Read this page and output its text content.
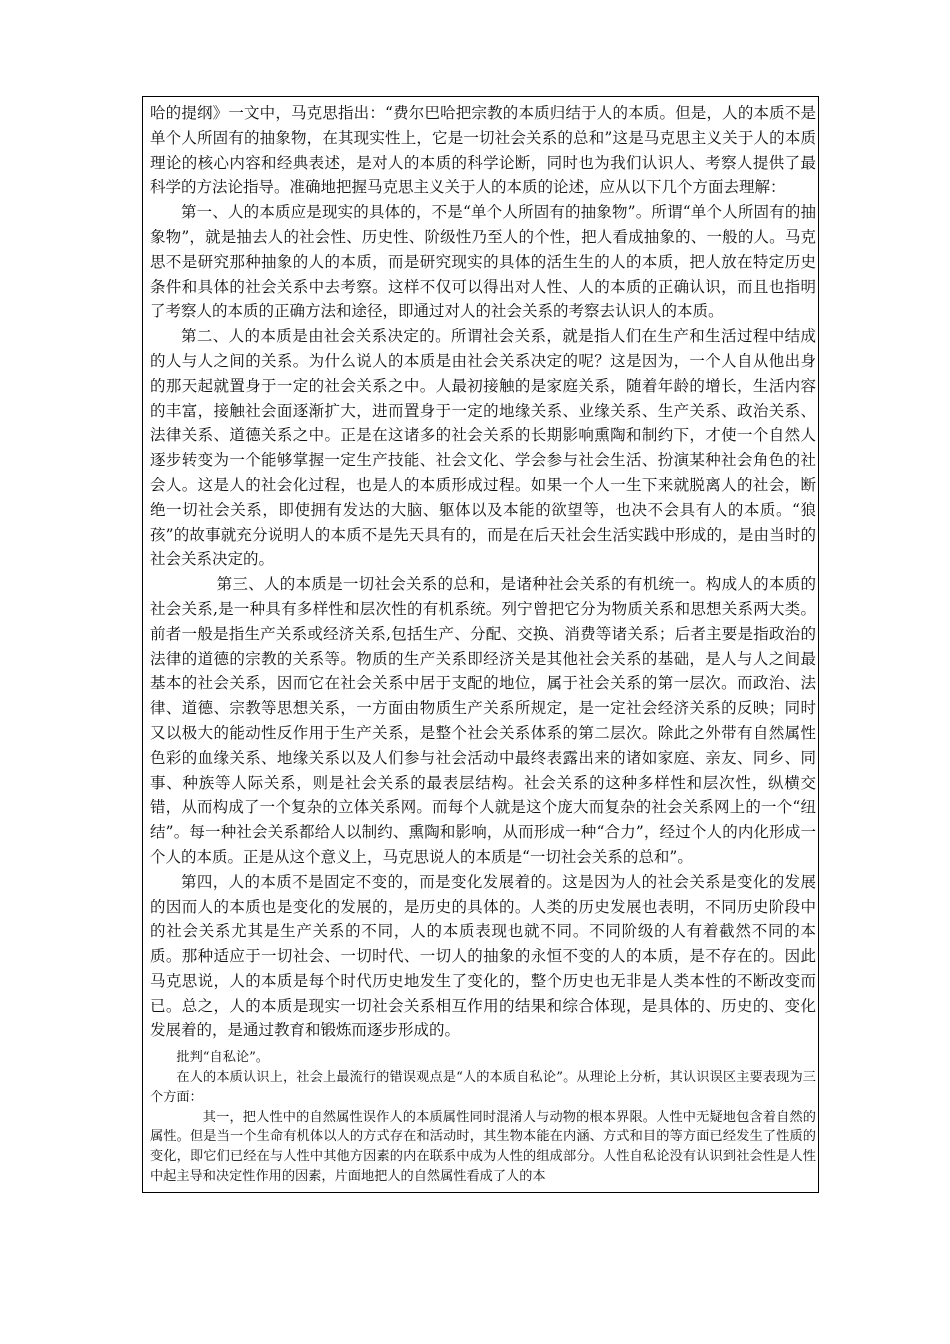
哈的提纲》一文中，马克思指出：“费尔巴哈把宗教的本质归结于人的本质。但是，人的本质不是单个人所固有的抽象物，在其现实性上，它是一切社会关系的总和”这是马克思主义关于人的本质理论的核心内容和经典表述，是对人的本质的科学论断，同时也为我们认识人、考察人提供了最科学的方法论指导。准确地把握马克思主义关于人的本质的论述，应从以下几个方面去理解：

第一、人的本质应是现实的具体的，不是“单个人所固有的抽象物”。所谓“单个人所固有的抽象物”，就是抽去人的社会性、历史性、阶级性乃至人的个性，把人看成抽象的、一般的人。马克思不是研究那种抽象的人的本质，而是研究现实的具体的活生生的人的本质，把人放在特定历史条件和具体的社会关系中去考察。这样不仅可以得出对人性、人的本质的正确认识，而且也指明了考察人的本质的正确方法和途径，即通过对人的社会关系的考察去认识人的本质。

第二、人的本质是由社会关系决定的。所谓社会关系，就是指人们在生产和生活过程中结成的人与人之间的关系。为什么说人的本质是由社会关系决定的呢？这是因为，一个人自从他出身的那天起就置身于一定的社会关系之中。人最初接触的是家庭关系，随着年龄的增长，生活内容的丰富，接触社会面逐渐扩大，进而置身于一定的地缘关系、业缘关系、生产关系、政治关系、法律关系、道德关系之中。正是在这诸多的社会关系的长期影响熏陶和制约下，才使一个自然人逐步转变为一个能够掌握一定生产技能、社会文化、学会参与社会生活、扮演某种社会角色的社会人。这是人的社会化过程，也是人的本质形成过程。如果一个人一生下来就脱离人的社会，断绝一切社会关系，即使拥有发达的大脑、躯体以及本能的欲望等，也决不会具有人的本质。“狼孩”的故事就充分说明人的本质不是先天具有的，而是在后天社会生活实践中形成的，是由当时的社会关系决定的。

第三、人的本质是一切社会关系的总和，是诸种社会关系的有机统一。构成人的本质的社会关系,是一种具有多样性和层次性的有机系统。列宁曾把它分为物质关系和思想关系两大类。前者一般是指生产关系或经济关系,包括生产、分配、交换、消费等诸关系；后者主要是指政治的法律的道德的宗教的关系等。物质的生产关系即经济关是其他社会关系的基础，是人与人之间最基本的社会关系，因而它在社会关系中居于支配的地位，属于社会关系的第一层次。而政治、法律、道德、宗教等思想关系，一方面由物质生产关系所规定，是一定社会经济关系的反映；同时又以极大的能动性反作用于生产关系，是整个社会关系体系的第二层次。除此之外带有自然属性色彩的血缘关系、地缘关系以及人们参与社会活动中最终表露出来的诸如家庭、亲友、同乡、同事、种族等人际关系，则是社会关系的最表层结构。社会关系的这种多样性和层次性，纵横交错，从而构成了一个复杂的立体关系网。而每个人就是这个庞大而复杂的社会关系网上的一个“纽结”。每一种社会关系都给人以制约、熏陶和影响，从而形成一种“合力”，经过个人的内化形成一个人的本质。正是从这个意义上，马克思说人的本质是“一切社会关系的总和”。

第四，人的本质不是固定不变的，而是变化发展着的。这是因为人的社会关系是变化的发展的因而人的本质也是变化的发展的，是历史的具体的。人类的历史发展也表明，不同历史阶段中的社会关系尤其是生产关系的不同，人的本质表现也就不同。不同阶级的人有着截然不同的本质。那种适应于一切社会、一切时代、一切人的抽象的永恒不变的人的本质，是不存在的。因此马克思说，人的本质是每个时代历史地发生了变化的，整个历史也无非是人类本性的不断改变而已。总之，人的本质是现实一切社会关系相互作用的结果和综合体现，是具体的、历史的、变化发展着的，是通过教育和锻炼而逐步形成的。

批判“自私论”。

在人的本质认识上，社会上最流行的错误观点是“人的本质自私论”。从理论上分析，其认识误区主要表现为三个方面：

其一，把人性中的自然属性误作人的本质属性同时混淆人与动物的根本界限。人性中无疑地包含着自然的属性。但是当一个生命有机体以人的方式存在和活动时，其生物本能在内涵、方式和目的等方面已经发生了性质的变化，即它们已经在与人性中其他方因素的内在联系中成为人性的组成部分。人性自私论没有认识到社会性是人性中起主导和决定性作用的因素，片面地把人的自然属性看成了人的本
